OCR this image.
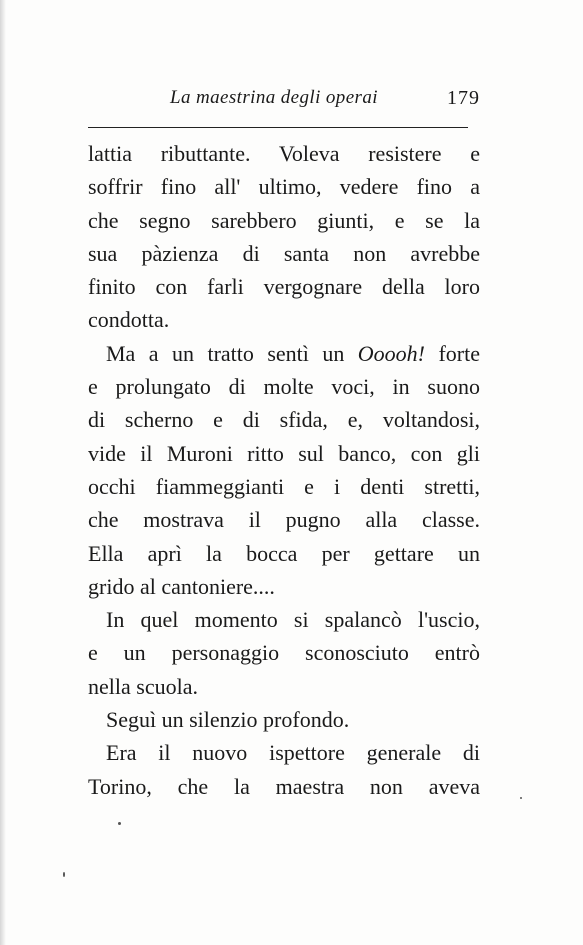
La maestrina degli operai	179
lattia ributtante. Voleva resistere e
soffrir fino all' ultimo, vedere fino a
che segno sarebbero giunti, e se la
sua pàzienza di santa non avrebbe
finito con farli vergognare della loro
condotta.
Ma a un tratto sentì un Ooooh! forte
e prolungato di molte voci, in suono
di scherno e di sfida, e, voltandosi,
vide il Muroni ritto sul banco, con gli
occhi fiammeggianti e i denti stretti,
che mostrava il pugno alla classe.
Ella aprì la bocca per gettare un
grido al cantoniere....
In quel momento si spalancò l'uscio,
e un personaggio sconosciuto entrò
nella scuola.
Seguì un silenzio profondo.
Era il nuovo ispettore generale di
Torino, che la maestra non aveva
